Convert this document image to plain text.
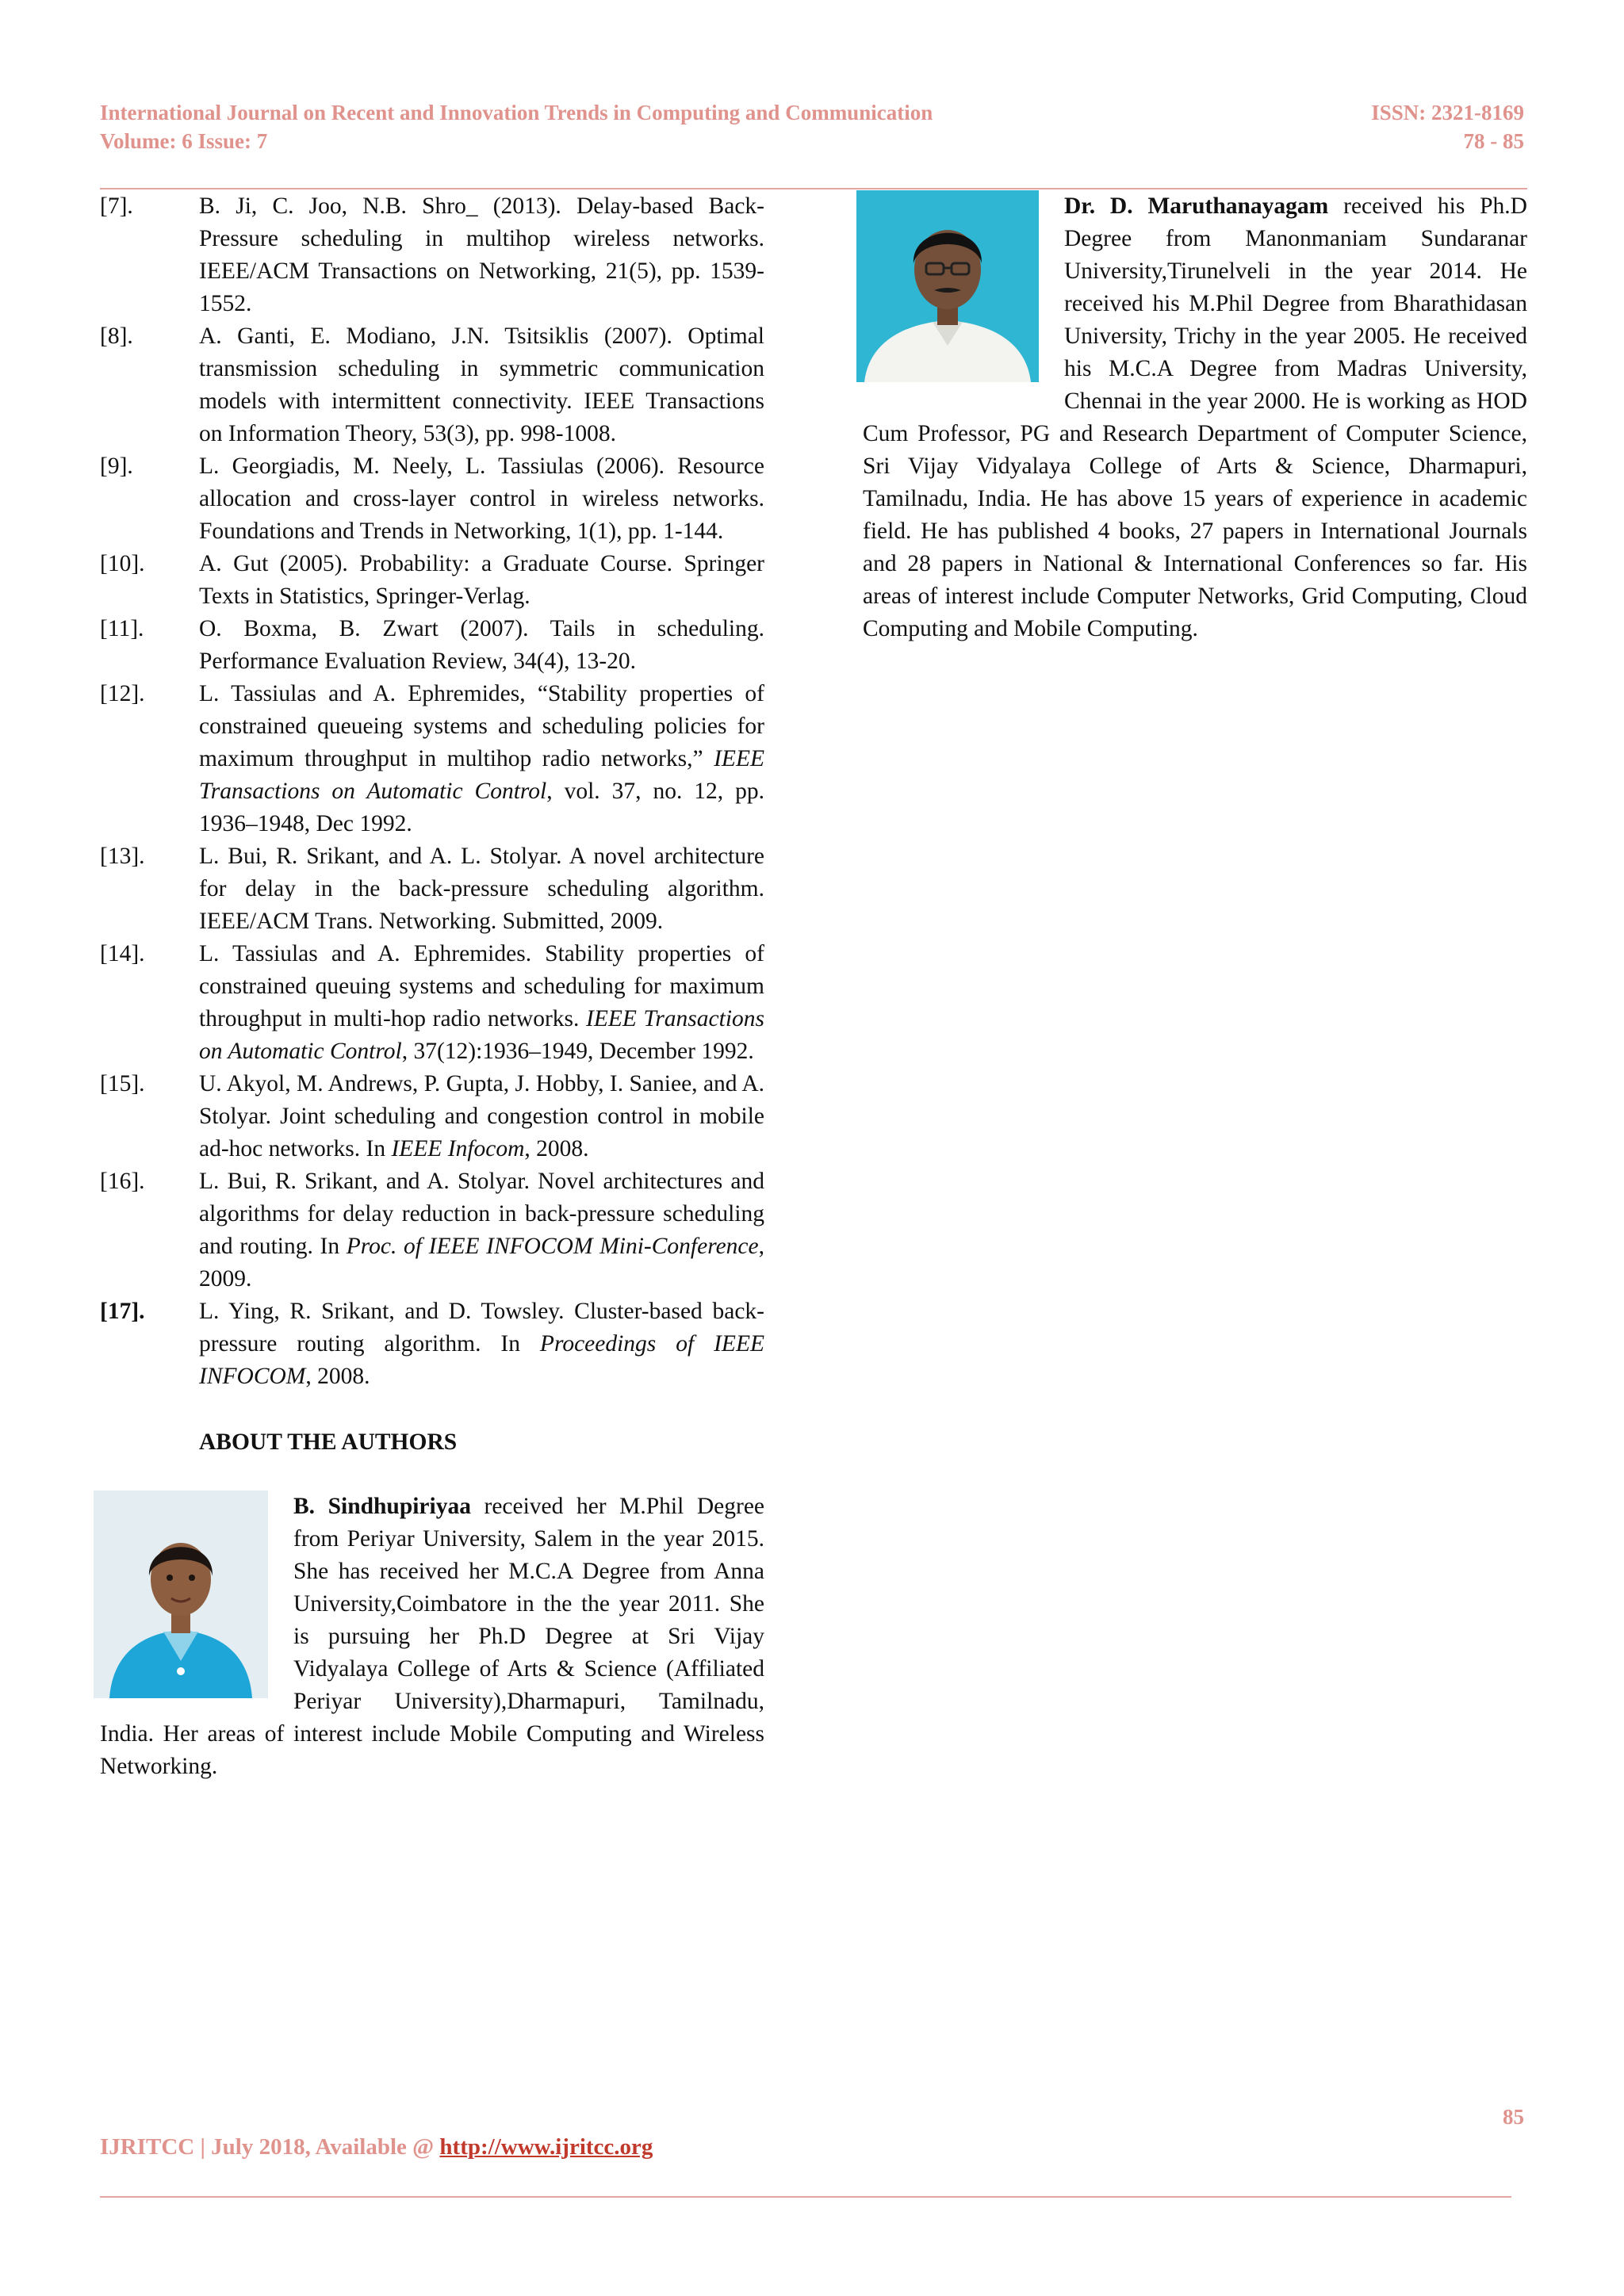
International Journal on Recent and Innovation Trends in Computing and Communication
Volume: 6 Issue: 7
ISSN: 2321-8169
78 - 85
[7].	B. Ji, C. Joo, N.B. Shro_ (2013). Delay-based Back-Pressure scheduling in multihop wireless networks. IEEE/ACM Transactions on Networking, 21(5), pp. 1539-1552.
[8].	A. Ganti, E. Modiano, J.N. Tsitsiklis (2007). Optimal transmission scheduling in symmetric communication models with intermittent connectivity. IEEE Transactions on Information Theory, 53(3), pp. 998-1008.
[9].	L. Georgiadis, M. Neely, L. Tassiulas (2006). Resource allocation and cross-layer control in wireless networks. Foundations and Trends in Networking, 1(1), pp. 1-144.
[10].	A. Gut (2005). Probability: a Graduate Course. Springer Texts in Statistics, Springer-Verlag.
[11].	O. Boxma, B. Zwart (2007). Tails in scheduling. Performance Evaluation Review, 34(4), 13-20.
[12].	L. Tassiulas and A. Ephremides, “Stability properties of constrained queueing systems and scheduling policies for maximum throughput in multihop radio networks,” IEEE Transactions on Automatic Control, vol. 37, no. 12, pp. 1936–1948, Dec 1992.
[13].	L. Bui, R. Srikant, and A. L. Stolyar. A novel architecture for delay in the back-pressure scheduling algorithm. IEEE/ACM Trans. Networking. Submitted, 2009.
[14].	L. Tassiulas and A. Ephremides. Stability properties of constrained queuing systems and scheduling for maximum throughput in multi-hop radio networks. IEEE Transactions on Automatic Control, 37(12):1936–1949, December 1992.
[15].	U. Akyol, M. Andrews, P. Gupta, J. Hobby, I. Saniee, and A. Stolyar. Joint scheduling and congestion control in mobile ad-hoc networks. In IEEE Infocom, 2008.
[16].	L. Bui, R. Srikant, and A. Stolyar. Novel architectures and algorithms for delay reduction in back-pressure scheduling and routing. In Proc. of IEEE INFOCOM Mini-Conference, 2009.
[17].	L. Ying, R. Srikant, and D. Towsley. Cluster-based back-pressure routing algorithm. In Proceedings of IEEE INFOCOM, 2008.
ABOUT THE AUTHORS
B. Sindhupiriyaa received her M.Phil Degree from Periyar University, Salem in the year 2015. She has received her M.C.A Degree from Anna University,Coimbatore in the the year 2011. She is pursuing her Ph.D Degree at Sri Vijay Vidyalaya College of Arts & Science (Affiliated Periyar University),Dharmapuri, Tamilnadu, India. Her areas of interest include Mobile Computing and Wireless Networking.
Dr. D. Maruthanayagam received his Ph.D Degree from Manonmaniam Sundaranar University,Tirunelveli in the year 2014. He received his M.Phil Degree from Bharathidasan University, Trichy in the year 2005. He received his M.C.A Degree from Madras University, Chennai in the year 2000. He is working as HOD Cum Professor, PG and Research Department of Computer Science, Sri Vijay Vidyalaya College of Arts & Science, Dharmapuri, Tamilnadu, India. He has above 15 years of experience in academic field. He has published 4 books, 27 papers in International Journals and 28 papers in National & International Conferences so far. His areas of interest include Computer Networks, Grid Computing, Cloud Computing and Mobile Computing.
85
IJRITCC | July 2018, Available @ http://www.ijritcc.org
